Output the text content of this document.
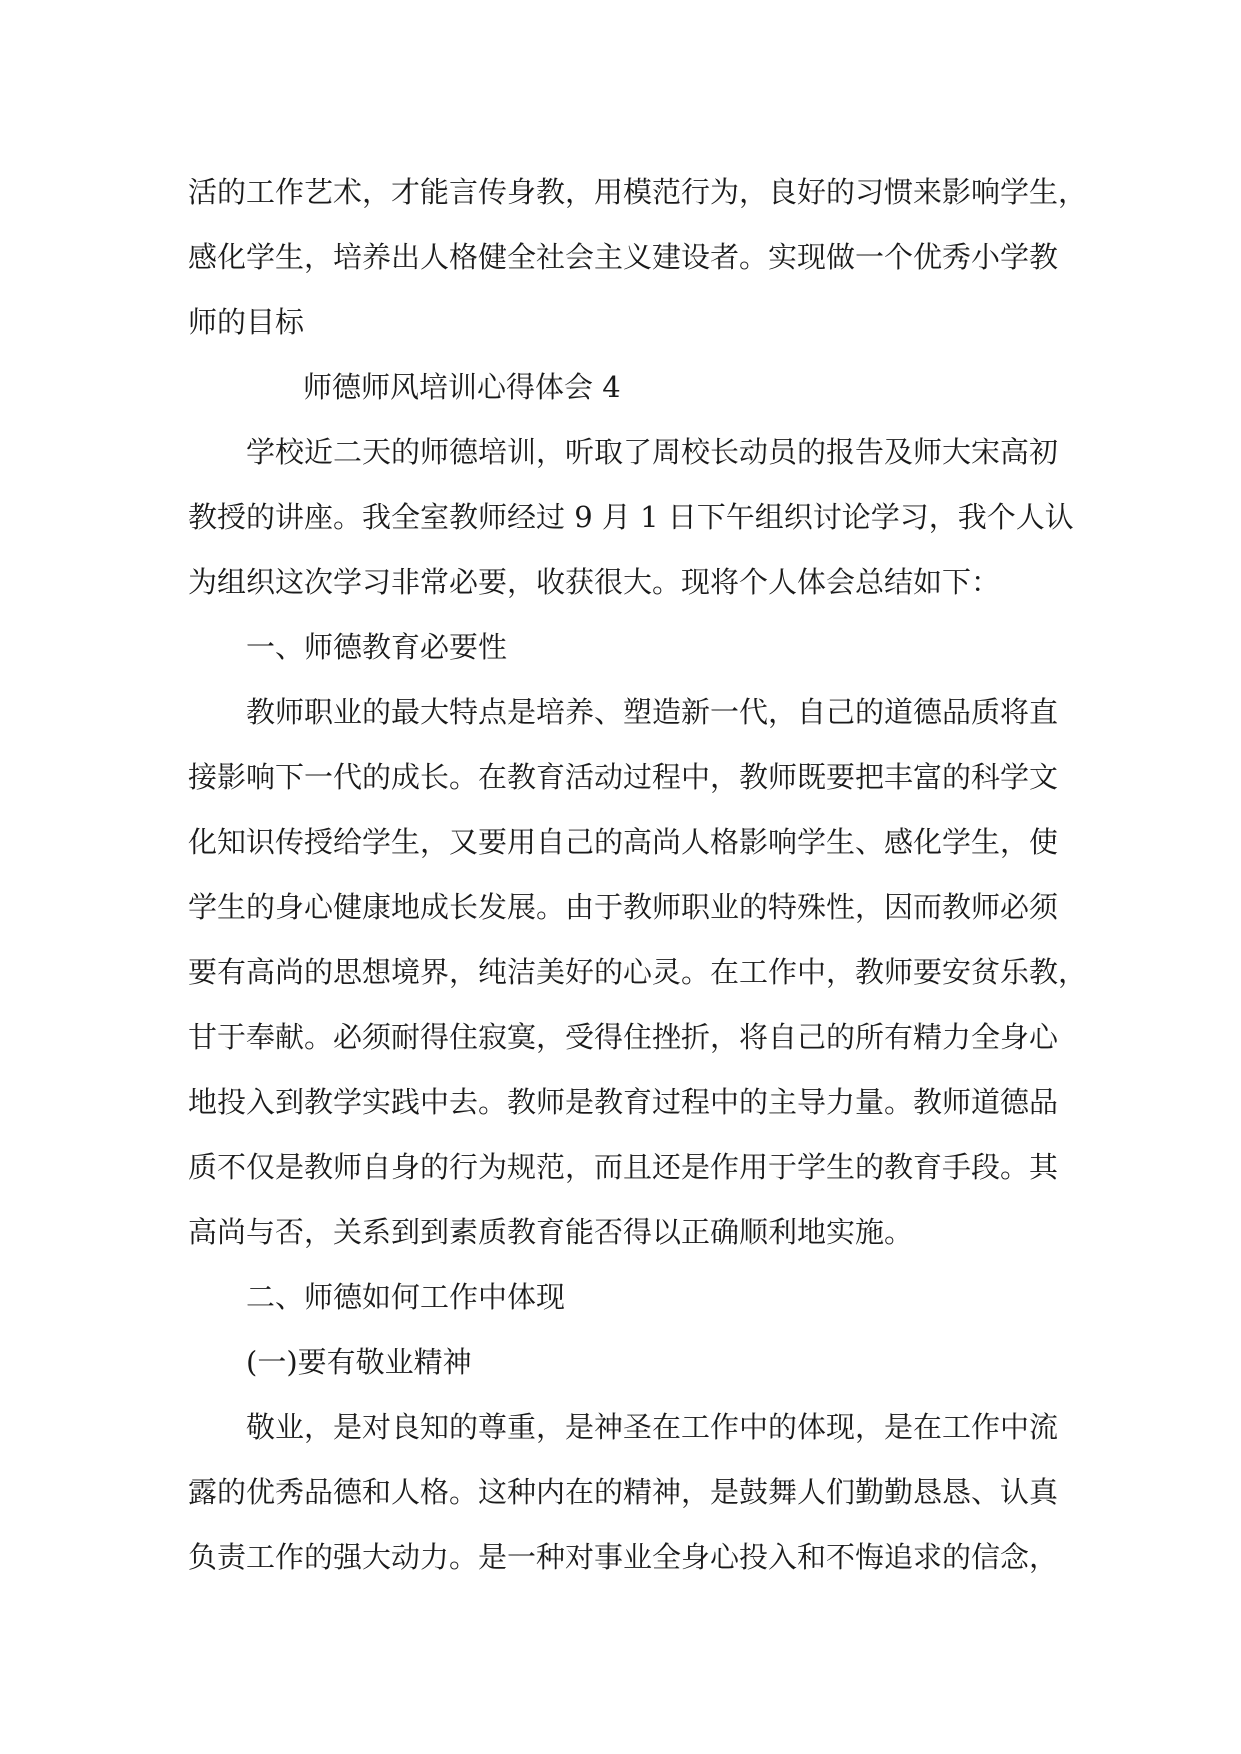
活的工作艺术，才能言传身教，用模范行为，良好的习惯来影响学生，
感化学生，培养出人格健全社会主义建设者。实现做一个优秀小学教
师的目标
师德师风培训心得体会 4
学校近二天的师德培训，听取了周校长动员的报告及师大宋高初
教授的讲座。我全室教师经过 9 月 1 日下午组织讨论学习，我个人认
为组织这次学习非常必要，收获很大。现将个人体会总结如下：
一、师德教育必要性
教师职业的最大特点是培养、塑造新一代，自己的道德品质将直
接影响下一代的成长。在教育活动过程中，教师既要把丰富的科学文
化知识传授给学生，又要用自己的高尚人格影响学生、感化学生，使
学生的身心健康地成长发展。由于教师职业的特殊性，因而教师必须
要有高尚的思想境界，纯洁美好的心灵。在工作中，教师要安贫乐教，
甘于奉献。必须耐得住寂寞，受得住挫折，将自己的所有精力全身心
地投入到教学实践中去。教师是教育过程中的主导力量。教师道德品
质不仅是教师自身的行为规范，而且还是作用于学生的教育手段。其
高尚与否，关系到到素质教育能否得以正确顺利地实施。
二、师德如何工作中体现
(一)要有敬业精神
敬业，是对良知的尊重，是神圣在工作中的体现，是在工作中流
露的优秀品德和人格。这种内在的精神，是鼓舞人们勤勤恳恳、认真
负责工作的强大动力。是一种对事业全身心投入和不悔追求的信念，
